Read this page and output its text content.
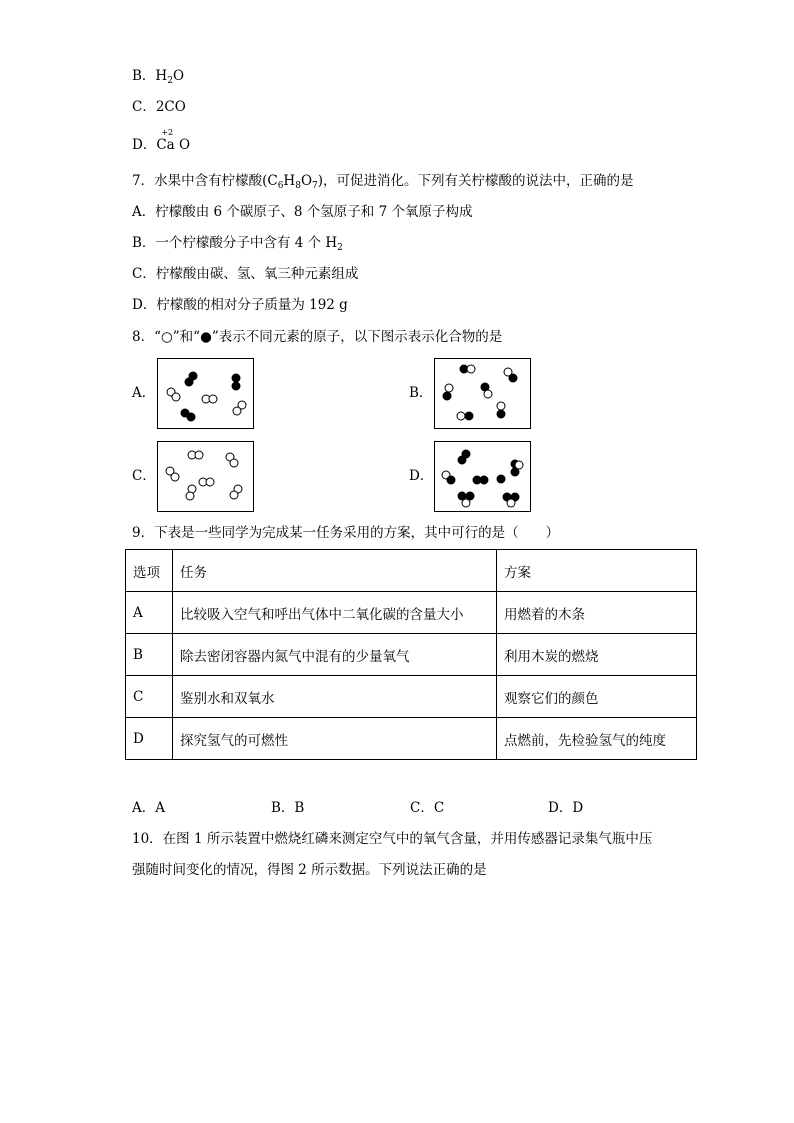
B．$H_2O$
C．2CO
D．
+2
Ca O
7．水果中含有柠檬酸$(C_6H_8O_7)$，可促进消化。下列有关柠檬酸的说法中，正确的是
A．柠檬酸由 6 个碳原子、8 个氢原子和 7 个氧原子构成
B．一个柠檬酸分子中含有 4 个 $H_2$
C．柠檬酸由碳、氢、氧三种元素组成
D．柠檬酸的相对分子质量为 192 g
8．“○”和“●”表示不同元素的原子，以下图示表示化合物的是
A．	B．
C．	D．
9．下表是一些同学为完成某一任务采用的方案，其中可行的是（　　）
选项	任务	方案
A	比较吸入空气和呼出气体中二氧化碳的含量大小	用燃着的木条
B	除去密闭容器内氮气中混有的少量氧气	利用木炭的燃烧
C	鉴别水和双氧水	观察它们的颜色
D	探究氢气的可燃性	点燃前，先检验氢气的纯度
A．A	B．B	C．C	D．D
10．在图 1 所示装置中燃烧红磷来测定空气中的氧气含量，并用传感器记录集气瓶中压
强随时间变化的情况，得图 2 所示数据。下列说法正确的是
